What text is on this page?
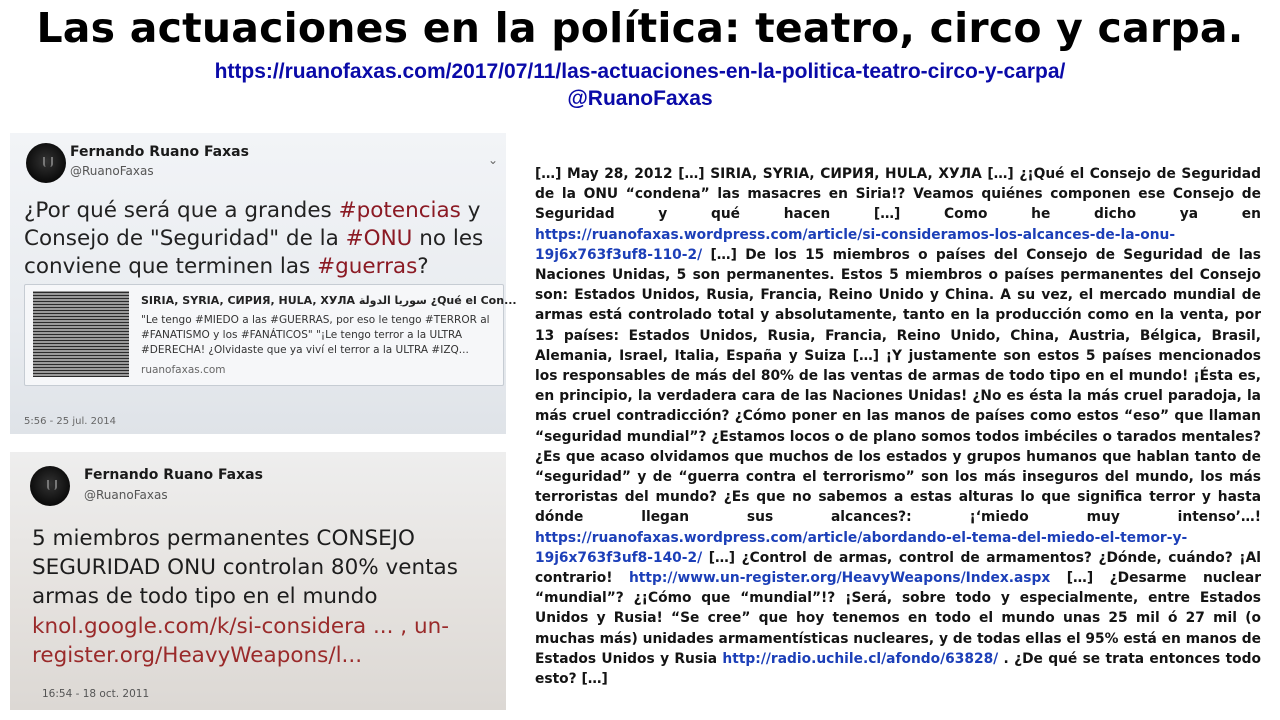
Las actuaciones en la política: teatro, circo y carpa.
https://ruanofaxas.com/2017/07/11/las-actuaciones-en-la-politica-teatro-circo-y-carpa/
@RuanoFaxas
Fernando Ruano Faxas
@RuanoFaxas
⌄
¿Por qué será que a grandes #potencias y Consejo de "Seguridad" de la #ONU no les conviene que terminen las #guerras?
SIRIA, SYRIA, СИРИЯ, HULA, ХУЛА سوريا الدولة ¿Qué el Con...
"Le tengo #MIEDO a las #GUERRAS, por eso le tengo #TERROR al #FANATISMO y los #FANÁTICOS" "¡Le tengo terror a la ULTRA #DERECHA! ¿Olvidaste que ya viví el terror a la ULTRA #IZQ...
ruanofaxas.com
5:56 - 25 jul. 2014
Fernando Ruano Faxas
@RuanoFaxas
5 miembros permanentes CONSEJO SEGURIDAD ONU controlan 80% ventas armas de todo tipo en el mundo
knol.google.com/k/si-considera ... , un-register.org/HeavyWeapons/l...
16:54 - 18 oct. 2011
[…] May 28, 2012 […] SIRIA, SYRIA, СИРИЯ, HULA, ХУЛА […] ¿¡Qué el Consejo de Seguridad de la ONU “condena” las masacres en Siria!? Veamos quiénes componen ese Consejo de Seguridad y qué hacen […] Como he dicho ya en https://ruanofaxas.wordpress.com/article/si-consideramos-los-alcances-de-la-onu-19j6x763f3uf8-110-2/ […] De los 15 miembros o países del Consejo de Seguridad de las Naciones Unidas, 5 son permanentes. Estos 5 miembros o países permanentes del Consejo son: Estados Unidos, Rusia, Francia, Reino Unido y China. A su vez, el mercado mundial de armas está controlado total y absolutamente, tanto en la producción como en la venta, por 13 países: Estados Unidos, Rusia, Francia, Reino Unido, China, Austria, Bélgica, Brasil, Alemania, Israel, Italia, España y Suiza […] ¡Y justamente son estos 5 países mencionados los responsables de más del 80% de las ventas de armas de todo tipo en el mundo! ¡Ésta es, en principio, la verdadera cara de las Naciones Unidas! ¿No es ésta la más cruel paradoja, la más cruel contradicción? ¿Cómo poner en las manos de países como estos “eso” que llaman “seguridad mundial”? ¿Estamos locos o de plano somos todos imbéciles o tarados mentales? ¿Es que acaso olvidamos que muchos de los estados y grupos humanos que hablan tanto de “seguridad” y de “guerra contra el terrorismo” son los más inseguros del mundo, los más terroristas del mundo? ¿Es que no sabemos a estas alturas lo que significa terror y hasta dónde llegan sus alcances?: ¡‘miedo muy intenso’…! https://ruanofaxas.wordpress.com/article/abordando-el-tema-del-miedo-el-temor-y-19j6x763f3uf8-140-2/ […] ¿Control de armas, control de armamentos? ¿Dónde, cuándo? ¡Al contrario! http://www.un-register.org/HeavyWeapons/Index.aspx […] ¿Desarme nuclear “mundial”? ¿¡Cómo que “mundial”!? ¡Será, sobre todo y especialmente, entre Estados Unidos y Rusia! “Se cree” que hoy tenemos en todo el mundo unas 25 mil ó 27 mil (o muchas más) unidades armamentísticas nucleares, y de todas ellas el 95% está en manos de Estados Unidos y Rusia http://radio.uchile.cl/afondo/63828/ . ¿De qué se trata entonces todo esto? […]
